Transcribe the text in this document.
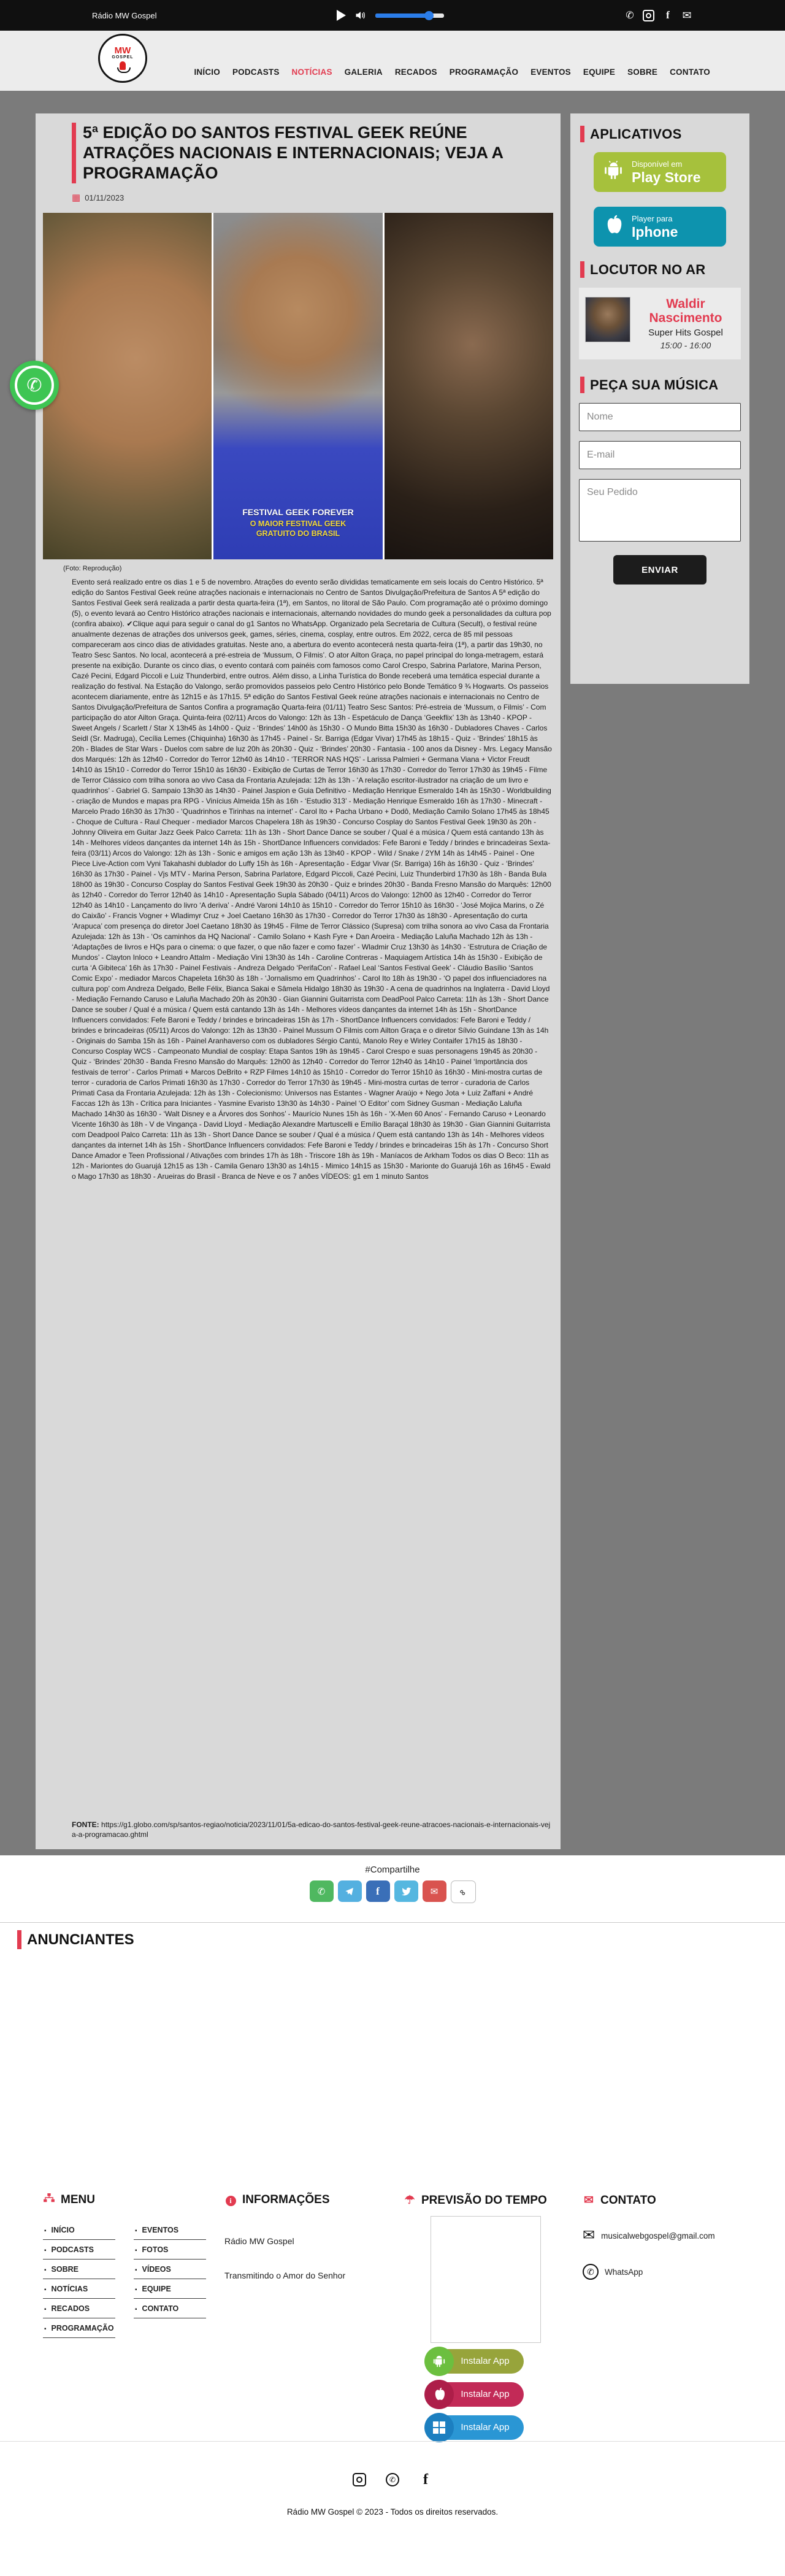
Rádio MW Gospel	✆	f	✉
MW
GOSPEL
INÍCIO PODCASTS NOTÍCIAS GALERIA RECADOS PROGRAMAÇÃO EVENTOS EQUIPE SOBRE CONTATO
5ª EDIÇÃO DO SANTOS FESTIVAL GEEK REÚNE ATRAÇÕES NACIONAIS E INTERNACIONAIS; VEJA A PROGRAMAÇÃO
▦ 01/11/2023
FESTIVAL GEEK FOREVER
O MAIOR FESTIVAL GEEK
GRATUITO DO BRASIL
(Foto: Reprodução)
Evento será realizado entre os dias 1 e 5 de novembro. Atrações do evento serão divididas tematicamente em seis locais do Centro Histórico. 5ª edição do Santos Festival Geek reúne atrações nacionais e internacionais no Centro de Santos Divulgação/Prefeitura de Santos A 5ª edição do Santos Festival Geek será realizada a partir desta quarta-feira (1ª), em Santos, no litoral de São Paulo. Com programação até o próximo domingo (5), o evento levará ao Centro Histórico atrações nacionais e internacionais, alternando novidades do mundo geek a personalidades da cultura pop (confira abaixo). ✔Clique aqui para seguir o canal do g1 Santos no WhatsApp. Organizado pela Secretaria de Cultura (Secult), o festival reúne anualmente dezenas de atrações dos universos geek, games, séries, cinema, cosplay, entre outros. Em 2022, cerca de 85 mil pessoas compareceram aos cinco dias de atividades gratuitas. Neste ano, a abertura do evento acontecerá nesta quarta-feira (1ª), a partir das 19h30, no Teatro Sesc Santos. No local, acontecerá a pré-estreia de ‘Mussum, O Filmis’. O ator Ailton Graça, no papel principal do longa-metragem, estará presente na exibição. Durante os cinco dias, o evento contará com painéis com famosos como Carol Crespo, Sabrina Parlatore, Marina Person, Cazé Pecini, Edgard Piccoli e Luiz Thunderbird, entre outros. Além disso, a Linha Turística do Bonde receberá uma temática especial durante a realização do festival. Na Estação do Valongo, serão promovidos passeios pelo Centro Histórico pelo Bonde Temático 9 ¾ Hogwarts. Os passeios acontecem diariamente, entre às 12h15 e às 17h15. 5ª edição do Santos Festival Geek reúne atrações nacionais e internacionais no Centro de Santos Divulgação/Prefeitura de Santos Confira a programação Quarta-feira (01/11) Teatro Sesc Santos: Pré-estreia de ‘Mussum, o Filmis’ - Com participação do ator Ailton Graça. Quinta-feira (02/11) Arcos do Valongo: 12h às 13h - Espetáculo de Dança ‘Geekflix’ 13h às 13h40 - KPOP - Sweet Angels / Scarlett / Star X 13h45 às 14h00 - Quiz - ‘Brindes’ 14h00 às 15h30 - O Mundo Bitta 15h30 às 16h30 - Dubladores Chaves - Carlos Seidl (Sr. Madruga), Cecília Lemes (Chiquinha) 16h30 às 17h45 - Painel - Sr. Barriga (Edgar Vivar) 17h45 às 18h15 - Quiz - ‘Brindes’ 18h15 às 20h - Blades de Star Wars - Duelos com sabre de luz 20h às 20h30 - Quiz - ‘Brindes’ 20h30 - Fantasia - 100 anos da Disney - Mrs. Legacy Mansão dos Marqués: 12h às 12h40 - Corredor do Terror 12h40 às 14h10 - ‘TERROR NAS HQS’ - Larissa Palmieri + Germana Viana + Victor Freudt 14h10 às 15h10 - Corredor do Terror 15h10 às 16h30 - Exibição de Curtas de Terror 16h30 às 17h30 - Corredor do Terror 17h30 às 19h45 - Filme de Terror Clássico com trilha sonora ao vivo Casa da Frontaria Azulejada: 12h às 13h - ‘A relação escritor-ilustrador na criação de um livro e quadrinhos’ - Gabriel G. Sampaio 13h30 às 14h30 - Painel Jaspion e Guia Definitivo - Mediação Henrique Esmeraldo 14h às 15h30 - Worldbuilding - criação de Mundos e mapas pra RPG - Vinícius Almeida 15h às 16h - ‘Estudio 313’ - Mediação Henrique Esmeraldo 16h às 17h30 - Minecraft - Marcelo Prado 16h30 às 17h30 - ‘Quadrinhos e Tirinhas na internet’ - Carol Ito + Pacha Urbano + Dodô, Mediação Camilo Solano 17h45 às 18h45 - Choque de Cultura - Raul Chequer - mediador Marcos Chapelera 18h às 19h30 - Concurso Cosplay do Santos Festival Geek 19h30 às 20h - Johnny Oliveira em Guitar Jazz Geek Palco Carreta: 11h às 13h - Short Dance Dance se souber / Qual é a música / Quem está cantando 13h às 14h - Melhores vídeos dançantes da internet 14h às 15h - ShortDance Influencers convidados: Fefe Baroni e Teddy / brindes e brincadeiras Sexta-feira (03/11) Arcos do Valongo: 12h às 13h - Sonic e amigos em ação 13h às 13h40 - KPOP - Wild / Snake / 2YM 14h às 14h45 - Painel - One Piece Live-Action com Vyni Takahashi dublador do Luffy 15h às 16h - Apresentação - Edgar Vivar (Sr. Barriga) 16h às 16h30 - Quiz - ‘Brindes’ 16h30 às 17h30 - Painel - Vjs MTV - Marina Person, Sabrina Parlatore, Edgard Piccoli, Cazé Pecini, Luiz Thunderbird 17h30 às 18h - Banda Bula 18h00 às 19h30 - Concurso Cosplay do Santos Festival Geek 19h30 às 20h30 - Quiz e brindes 20h30 - Banda Fresno Mansão do Marquês: 12h00 às 12h40 - Corredor do Terror 12h40 às 14h10 - Apresentação Supla Sábado (04/11) Arcos do Valongo: 12h00 às 12h40 - Corredor do Terror 12h40 às 14h10 - Lançamento do livro ‘A deriva’ - André Varoni 14h10 às 15h10 - Corredor do Terror 15h10 às 16h30 - ‘José Mojica Marins, o Zé do Caixão’ - Francis Vogner + Wladimyr Cruz + Joel Caetano 16h30 às 17h30 - Corredor do Terror 17h30 às 18h30 - Apresentação do curta ‘Arapuca’ com presença do diretor Joel Caetano 18h30 às 19h45 - Filme de Terror Clássico (Supresa) com trilha sonora ao vivo Casa da Frontaria Azulejada: 12h às 13h - ‘Os caminhos da HQ Nacional’ - Camilo Solano + Kash Fyre + Dan Aroeira - Mediação Laluña Machado 12h às 13h - ‘Adaptações de livros e HQs para o cinema: o que fazer, o que não fazer e como fazer’ - Wladmir Cruz 13h30 às 14h30 - ‘Estrutura de Criação de Mundos’ - Clayton Inloco + Leandro Attalm - Mediação Vini 13h30 às 14h - Caroline Contreras - Maquiagem Artística 14h às 15h30 - Exibição de curta ‘A Gibiteca’ 16h às 17h30 - Painel Festivais - Andreza Delgado ‘PerifaCon’ - Rafael Leal ‘Santos Festival Geek’ - Cláudio Basílio ‘Santos Comic Expo’ - mediador Marcos Chapeleta 16h30 às 18h - ‘Jornalismo em Quadrinhos’ - Carol Ito 18h às 19h30 - ‘O papel dos influenciadores na cultura pop’ com Andreza Delgado, Belle Félix, Bianca Sakai e Sâmela Hidalgo 18h30 às 19h30 - A cena de quadrinhos na Inglaterra - David Lloyd - Mediação Fernando Caruso e Laluña Machado 20h às 20h30 - Gian Giannini Guitarrista com DeadPool Palco Carreta: 11h às 13h - Short Dance Dance se souber / Qual é a música / Quem está cantando 13h às 14h - Melhores vídeos dançantes da internet 14h às 15h - ShortDance Influencers convidados: Fefe Baroni e Teddy / brindes e brincadeiras 15h às 17h - ShortDance Influencers convidados: Fefe Baroni e Teddy / brindes e brincadeiras (05/11) Arcos do Valongo: 12h às 13h30 - Painel Mussum O Filmis com Ailton Graça e o diretor Sílvio Guindane 13h às 14h - Originais do Samba 15h às 16h - Painel Aranhaverso com os dubladores Sérgio Cantú, Manolo Rey e Wirley Contaifer 17h15 às 18h30 - Concurso Cosplay WCS - Campeonato Mundial de cosplay: Etapa Santos 19h às 19h45 - Carol Crespo e suas personagens 19h45 às 20h30 - Quiz - ‘Brindes’ 20h30 - Banda Fresno Mansão do Marquês: 12h00 às 12h40 - Corredor do Terror 12h40 às 14h10 - Painel ‘Importância dos festivais de terror’ - Carlos Primati + Marcos DeBrito + RZP Filmes 14h10 às 15h10 - Corredor do Terror 15h10 às 16h30 - Mini-mostra curtas de terror - curadoria de Carlos Primati 16h30 às 17h30 - Corredor do Terror 17h30 às 19h45 - Mini-mostra curtas de terror - curadoria de Carlos Primati Casa da Frontaria Azulejada: 12h às 13h - Colecionismo: Universos nas Estantes - Wagner Araújo + Nego Jota + Luiz Zaffani + André Faccas 12h às 13h - Crítica para Iniciantes - Yasmine Evaristo 13h30 às 14h30 - Painel ‘O Editor’ com Sidney Gusman - Mediação Laluña Machado 14h30 às 16h30 - ‘Walt Disney e a Árvores dos Sonhos’ - Maurício Nunes 15h às 16h - ‘X-Men 60 Anos’ - Fernando Caruso + Leonardo Vicente 16h30 às 18h - V de Vingança - David Lloyd - Mediação Alexandre Martuscelli e Emílio Baraçal 18h30 às 19h30 - Gian Giannini Guitarrista com Deadpool Palco Carreta: 11h às 13h - Short Dance Dance se souber / Qual é a música / Quem está cantando 13h às 14h - Melhores vídeos dançantes da internet 14h às 15h - ShortDance Influencers convidados: Fefe Baroni e Teddy / brindes e brincadeiras 15h às 17h - Concurso Short Dance Amador e Teen Profissional / Ativações com brindes 17h às 18h - Triscore 18h às 19h - Maníacos de Arkham Todos os dias O Beco: 11h as 12h - Mariontes do Guarujá 12h15 as 13h - Camila Genaro 13h30 as 14h15 - Mimico 14h15 as 15h30 - Marionte do Guarujá 16h as 16h45 - Ewald o Mago 17h30 as 18h30 - Arueiras do Brasil - Branca de Neve e os 7 anões VÍDEOS: g1 em 1 minuto Santos
FONTE: https://g1.globo.com/sp/santos-regiao/noticia/2023/11/01/5a-edicao-do-santos-festival-geek-reune-atracoes-nacionais-e-internacionais-veja-a-programacao.ghtml
APLICATIVOS
Disponível em
Play Store
Player para
Iphone
LOCUTOR NO AR
Waldir Nascimento
Super Hits Gospel
15:00 - 16:00
PEÇA SUA MÚSICA
Nome
E-mail
Seu Pedido
ENVIAR
✆
#Compartilhe
✆	f	✉	∞
ANUNCIANTES
MENU
▪ INÍCIO
▪ PODCASTS
▪ SOBRE
▪ NOTÍCIAS
▪ RECADOS
▪ PROGRAMAÇÃO
▪ EVENTOS
▪ FOTOS
▪ VÍDEOS
▪ EQUIPE
▪ CONTATO
i INFORMAÇÕES
Rádio MW Gospel
Transmitindo o Amor do Senhor
☂ PREVISÃO DO TEMPO
Instalar App
Instalar App
Instalar App
✉ CONTATO
✉ musicalwebgospel@gmail.com
✆	WhatsApp
✆	f
Rádio MW Gospel © 2023 - Todos os direitos reservados.
